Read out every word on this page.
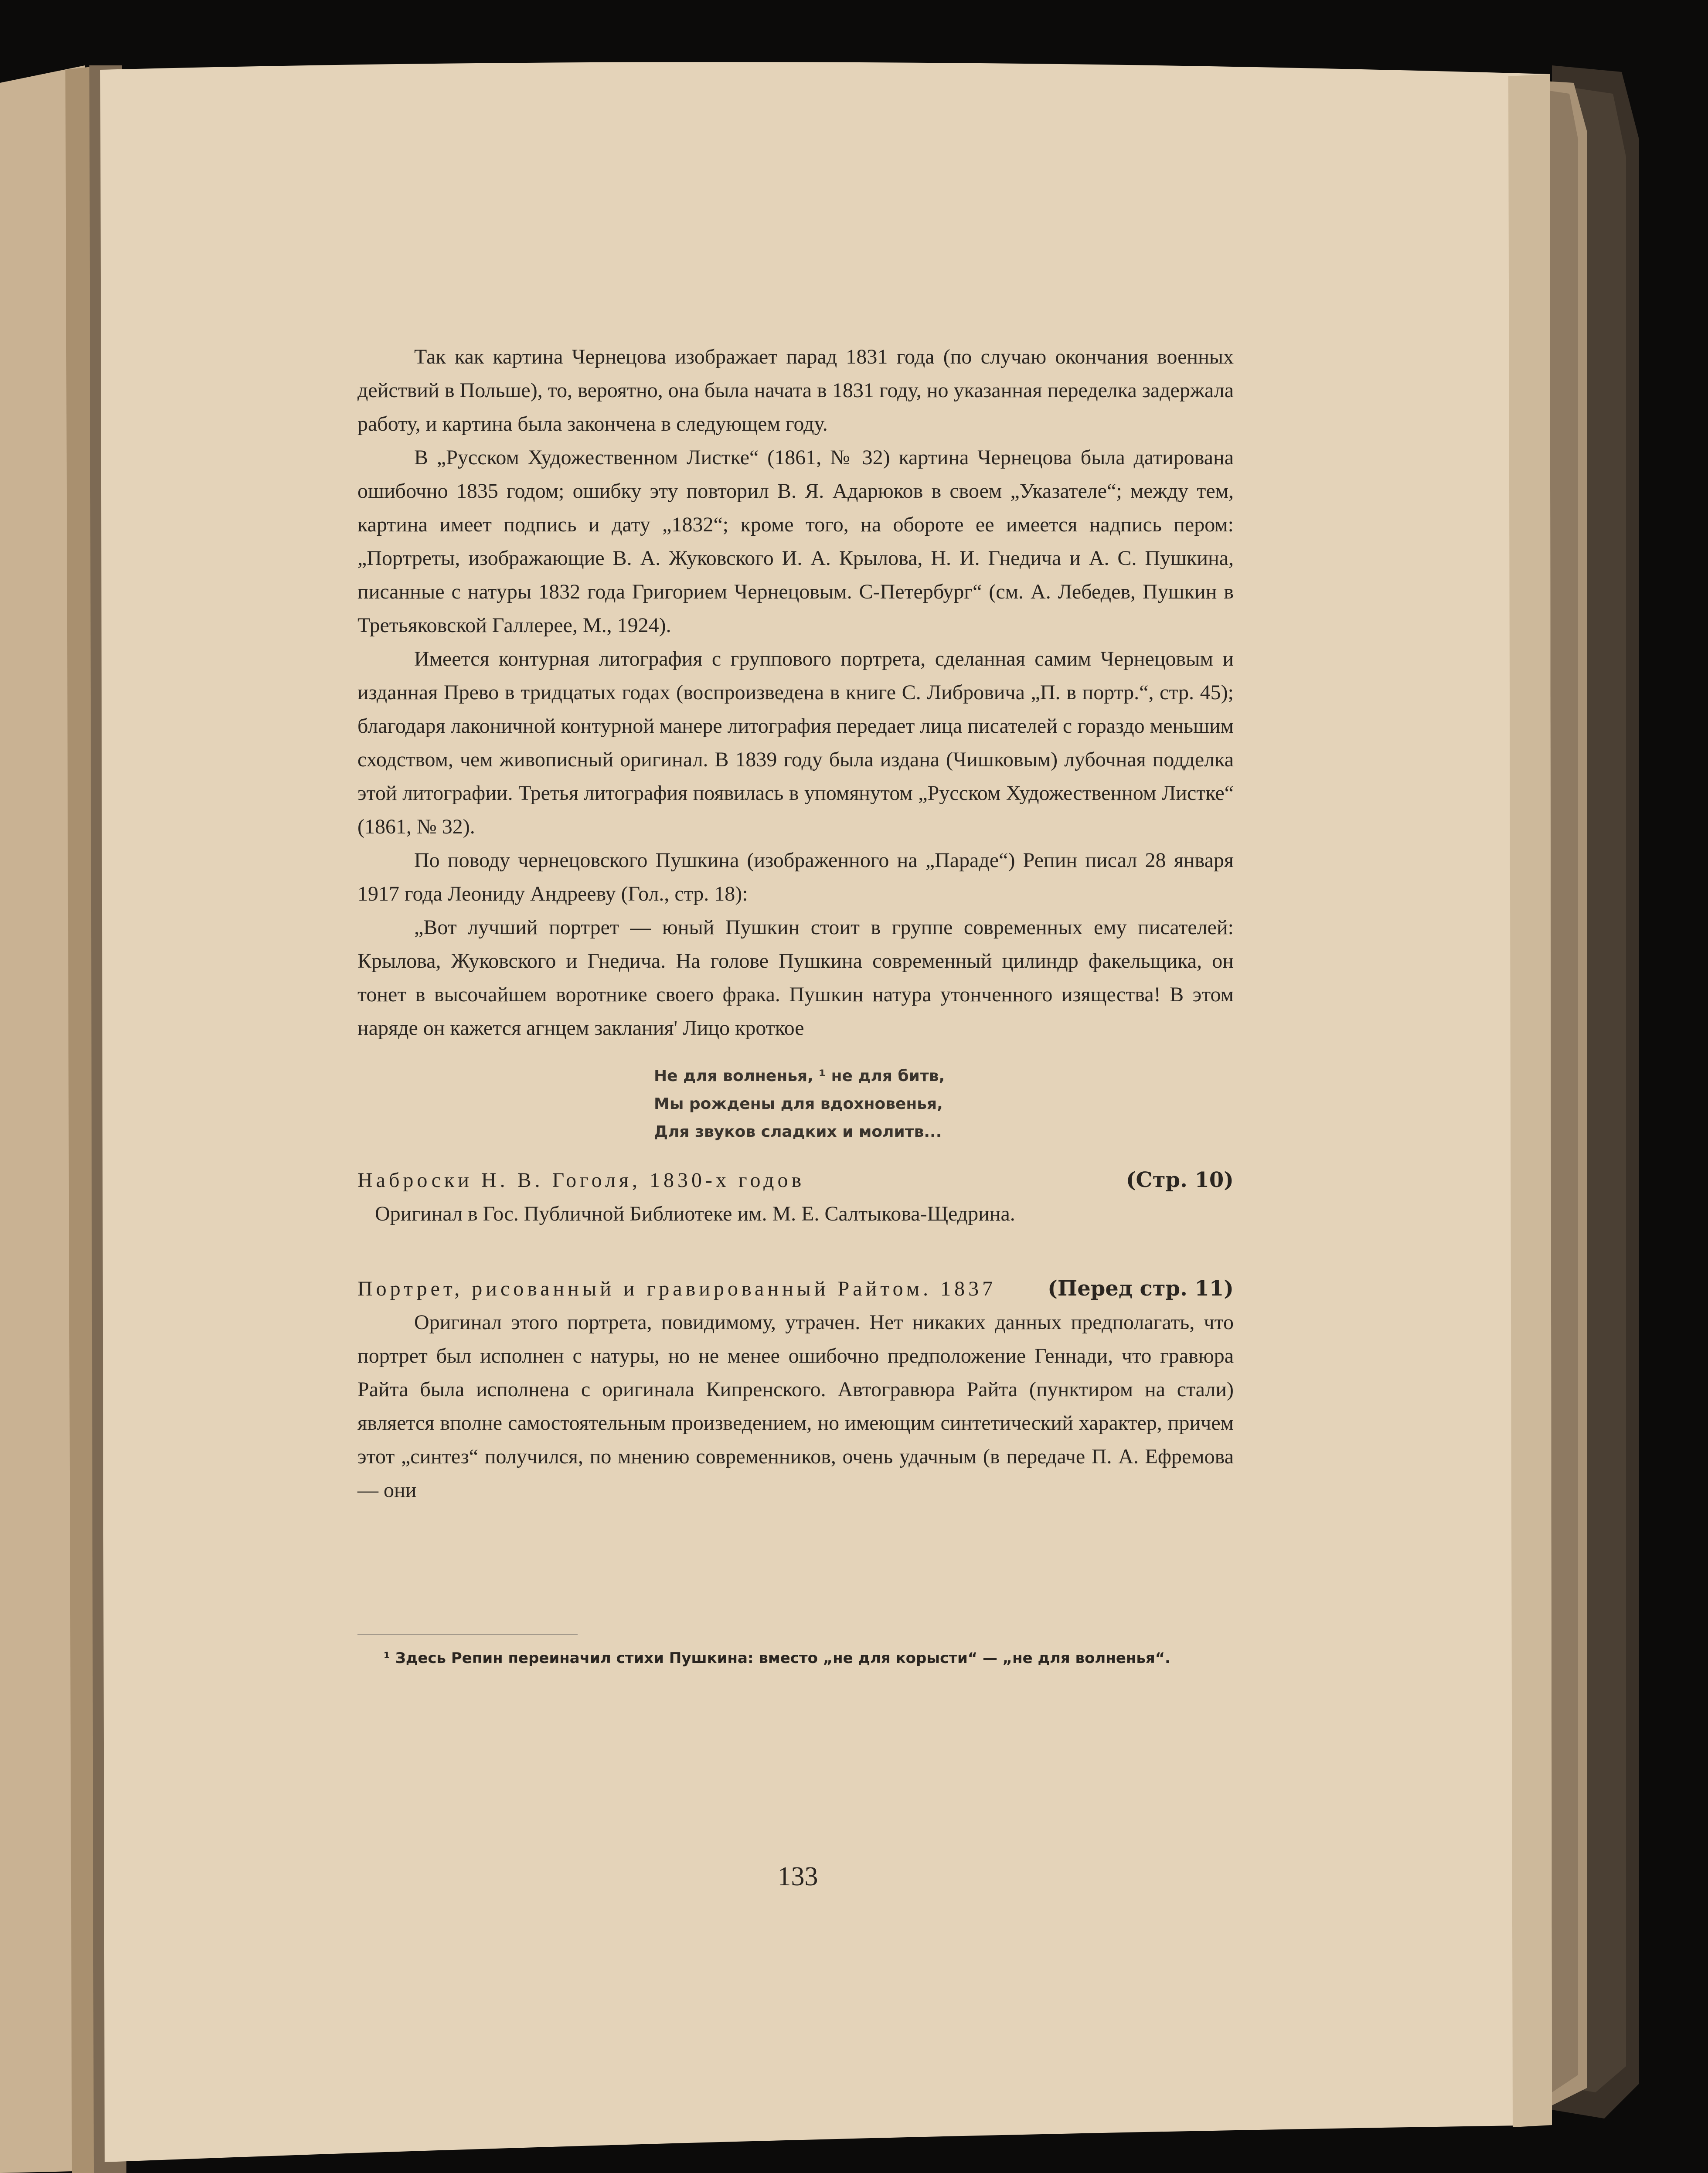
Так как картина Чернецова изображает парад 1831 года (по случаю окончания военных действий в Польше), то, вероятно, она была начата в 1831 году, но указанная переделка задержала работу, и картина была закончена в следующем году.

В „Русском Художественном Листке“ (1861, № 32) картина Чернецова была датирована ошибочно 1835 годом; ошибку эту повторил В. Я. Адарюков в своем „Указателе“; между тем, картина имеет подпись и дату „1832“; кроме того, на обороте ее имеется надпись пером: „Портреты, изображающие В. А. Жуковского И. А. Крылова, Н. И. Гнедича и А. С. Пушкина, писанные с натуры 1832 года Григорием Чернецовым. С-Петербург“ (см. А. Лебедев, Пушкин в Третьяковской Галлерее, М., 1924).

Имеется контурная литография с группового портрета, сделанная самим Чернецовым и изданная Прево в тридцатых годах (воспроизведена в книге С. Либровича „П. в портр.“, стр. 45); благодаря лаконичной контурной манере литография передает лица писателей с гораздо меньшим сходством, чем живописный оригинал. В 1839 году была издана (Чишковым) лубочная подделка этой литографии. Третья литография появилась в упомянутом „Русском Художественном Листке“ (1861, № 32).

По поводу чернецовского Пушкина (изображенного на „Параде“) Репин писал 28 января 1917 года Леониду Андрееву (Гол., стр. 18):

„Вот лучший портрет — юный Пушкин стоит в группе современных ему писателей: Крылова, Жуковского и Гнедича. На голове Пушкина современный цилиндр факельщика, он тонет в высочайшем воротнике своего фрака. Пушкин натура утонченного изящества! В этом наряде он кажется агнцем заклания' Лицо кроткое

Не для волненья, ¹ не для битв,
Мы рождены для вдохновенья,
Для звуков сладких и молитв...
Наброски Н. В. Гоголя, 1830-х годов	(Стр. 10)

Оригинал в Гос. Публичной Библиотеке им. М. Е. Салтыкова-Щедрина.

Портрет, рисованный и гравированный Райтом. 1837 (Перед стр. 11)

Оригинал этого портрета, повидимому, утрачен. Нет никаких данных предполагать, что портрет был исполнен с натуры, но не менее ошибочно предположение Геннади, что гравюра Райта была исполнена с оригинала Кипренского. Автогравюра Райта (пунктиром на стали) является вполне самостоятельным произведением, но имеющим синтетический характер, причем этот „синтез“ получился, по мнению современников, очень удачным (в передаче П. А. Ефремова — они

¹ Здесь Репин переиначил стихи Пушкина: вместо „не для корысти“ — „не для волненья“.
133
